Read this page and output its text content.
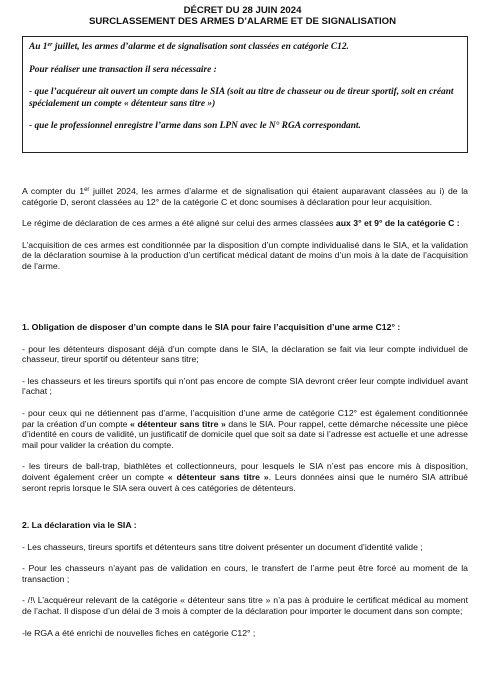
DÉCRET DU 28 JUIN 2024
SURCLASSEMENT DES ARMES D’ALARME ET DE SIGNALISATION

Au 1er juillet, les armes d’alarme et de signalisation sont classées en catégorie C12.

Pour réaliser une transaction il sera nécessaire :

- que l’acquéreur ait ouvert un compte dans le SIA (soit au titre de chasseur ou de tireur sportif, soit en créant spécialement un compte « détenteur sans titre »)

- que le professionnel enregistre l’arme dans son LPN avec le N° RGA correspondant.

A compter du 1er juillet 2024, les armes d’alarme et de signalisation qui étaient auparavant classées au i) de la catégorie D, seront classées au 12° de la catégorie C et donc soumises à déclaration pour leur acquisition.

Le régime de déclaration de ces armes a été aligné sur celui des armes classées aux 3° et 9° de la catégorie C :

L’acquisition de ces armes est conditionnée par la disposition d’un compte individualisé dans le SIA, et la validation de la déclaration soumise à la production d’un certificat médical datant de moins d’un mois à la date de l’acquisition de l’arme.

1. Obligation de disposer d’un compte dans le SIA pour faire l’acquisition d’une arme C12° :

- pour les détenteurs disposant déjà d’un compte dans le SIA, la déclaration se fait via leur compte individuel de chasseur, tireur sportif ou détenteur sans titre;

- les chasseurs et les tireurs sportifs qui n’ont pas encore de compte SIA devront créer leur compte individuel avant l’achat ;

- pour ceux qui ne détiennent pas d’arme, l’acquisition d’une arme de catégorie C12° est également conditionnée par la création d’un compte « détenteur sans titre » dans le SIA. Pour rappel, cette démarche nécessite une pièce d’identité en cours de validité, un justificatif de domicile quel que soit sa date si l’adresse est actuelle et une adresse mail pour valider la création du compte.

- les tireurs de ball-trap, biathlètes et collectionneurs, pour lesquels le SIA n’est pas encore mis à disposition, doivent également créer un compte « détenteur sans titre ». Leurs données ainsi que le numéro SIA attribué seront repris lorsque le SIA sera ouvert à ces catégories de détenteurs.

2. La déclaration via le SIA :

- Les chasseurs, tireurs sportifs et détenteurs sans titre doivent présenter un document d’identité valide ;

- Pour les chasseurs n’ayant pas de validation en cours, le transfert de l’arme peut être forcé au moment de la transaction ;

- /!\ L’acquéreur relevant de la catégorie « détenteur sans titre » n’a pas à produire le certificat médical au moment de l’achat. Il dispose d’un délai de 3 mois à compter de la déclaration pour importer le document dans son compte;

-le RGA a été enrichi de nouvelles fiches en catégorie C12° ;
